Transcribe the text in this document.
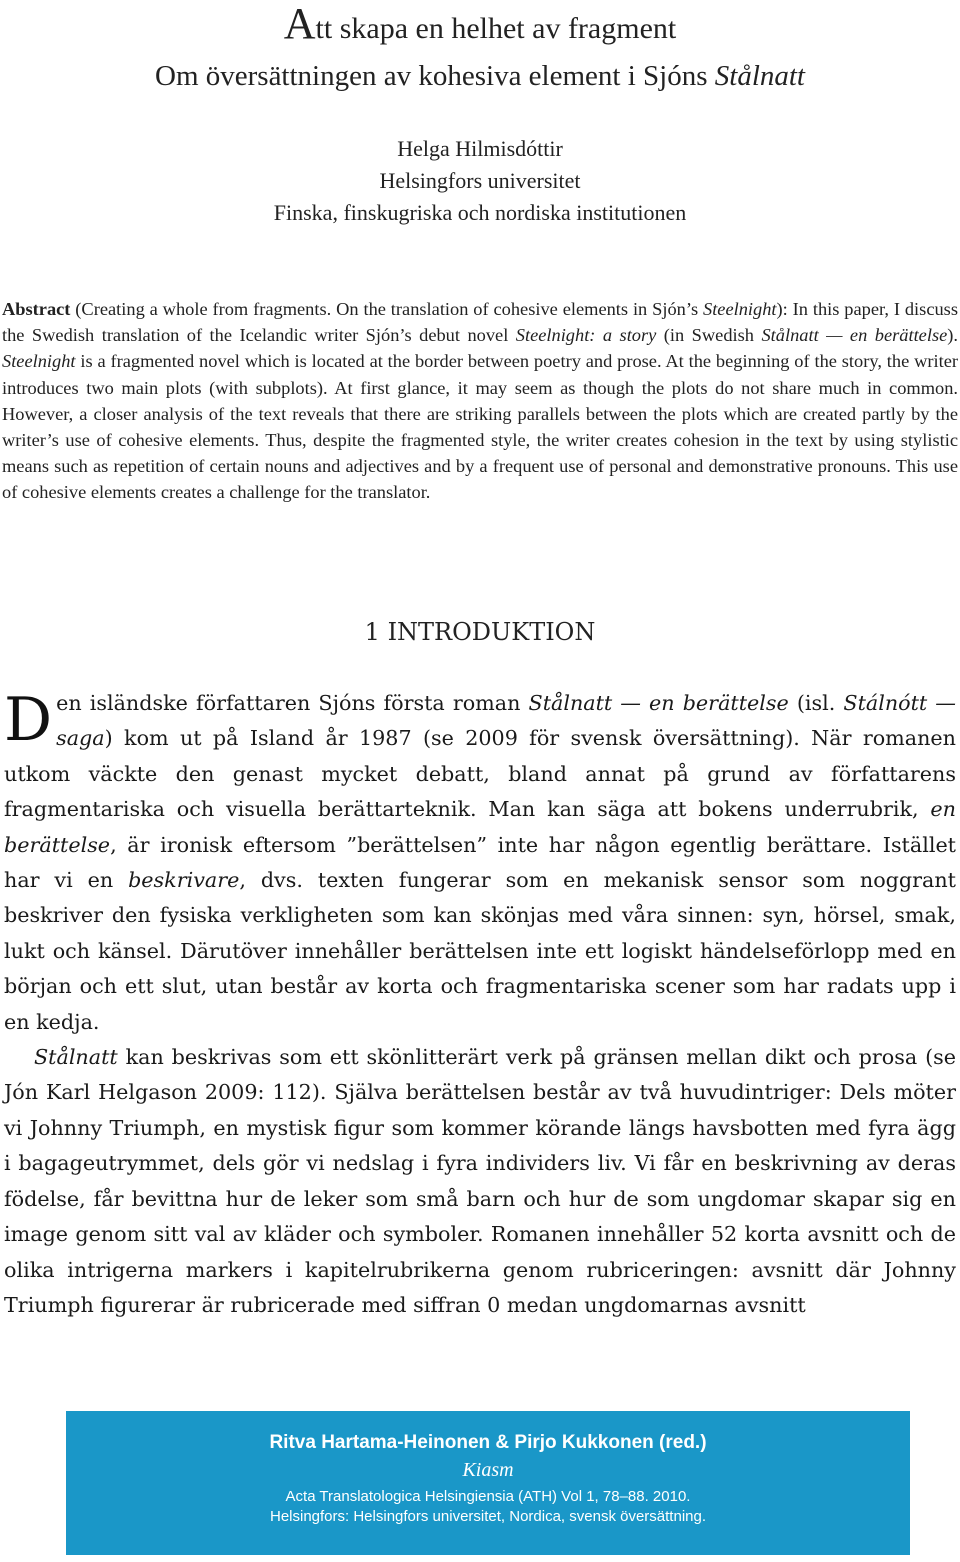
Att skapa en helhet av fragment
Om översättningen av kohesiva element i Sjóns Stålnatt
Helga Hilmisdóttir
Helsingfors universitet
Finska, finskugriska och nordiska institutionen
Abstract (Creating a whole from fragments. On the translation of cohesive elements in Sjón’s Steelnight): In this paper, I discuss the Swedish translation of the Icelandic writer Sjón’s debut novel Steelnight: a story (in Swedish Stålnatt — en berättelse). Steelnight is a fragmented novel which is located at the border between poetry and prose. At the beginning of the story, the writer introduces two main plots (with subplots). At first glance, it may seem as though the plots do not share much in common. However, a closer analysis of the text reveals that there are striking parallels between the plots which are created partly by the writer’s use of cohesive elements. Thus, despite the fragmented style, the writer creates cohesion in the text by using stylistic means such as repetition of certain nouns and adjectives and by a frequent use of personal and demonstrative pronouns. This use of cohesive elements creates a challenge for the translator.
1 INTRODUKTION

Den isländske författaren Sjóns första roman Stålnatt — en berättelse (isl. Stálnótt — saga) kom ut på Island år 1987 (se 2009 för svensk översättning). När romanen utkom väckte den genast mycket debatt, bland annat på grund av författarens fragmentariska och visuella berättarteknik. Man kan säga att bokens underrubrik, en berättelse, är ironisk eftersom ”berättelsen” inte har någon egentlig berättare. Istället har vi en beskrivare, dvs. texten fungerar som en mekanisk sensor som noggrant beskriver den fysiska verkligheten som kan skönjas med våra sinnen: syn, hörsel, smak, lukt och känsel. Därutöver innehåller berättelsen inte ett logiskt händelseförlopp med en början och ett slut, utan består av korta och fragmentariska scener som har radats upp i en kedja.

Stålnatt kan beskrivas som ett skönlitterärt verk på gränsen mellan dikt och prosa (se Jón Karl Helgason 2009: 112). Själva berättelsen består av två huvudintriger: Dels möter vi Johnny Triumph, en mystisk figur som kommer körande längs havsbotten med fyra ägg i bagageutrymmet, dels gör vi nedslag i fyra individers liv. Vi får en beskrivning av deras födelse, får bevittna hur de leker som små barn och hur de som ungdomar skapar sig en image genom sitt val av kläder och symboler. Romanen innehåller 52 korta avsnitt och de olika intrigerna markers i kapitelrubrikerna genom rubriceringen: avsnitt där Johnny Triumph figurerar är rubricerade med siffran 0 medan ungdomarnas avsnitt

Ritva Hartama-Heinonen & Pirjo Kukkonen (red.)
Kiasm
Acta Translatologica Helsingiensia (ATH) Vol 1, 78–88. 2010.
Helsingfors: Helsingfors universitet, Nordica, svensk översättning.
